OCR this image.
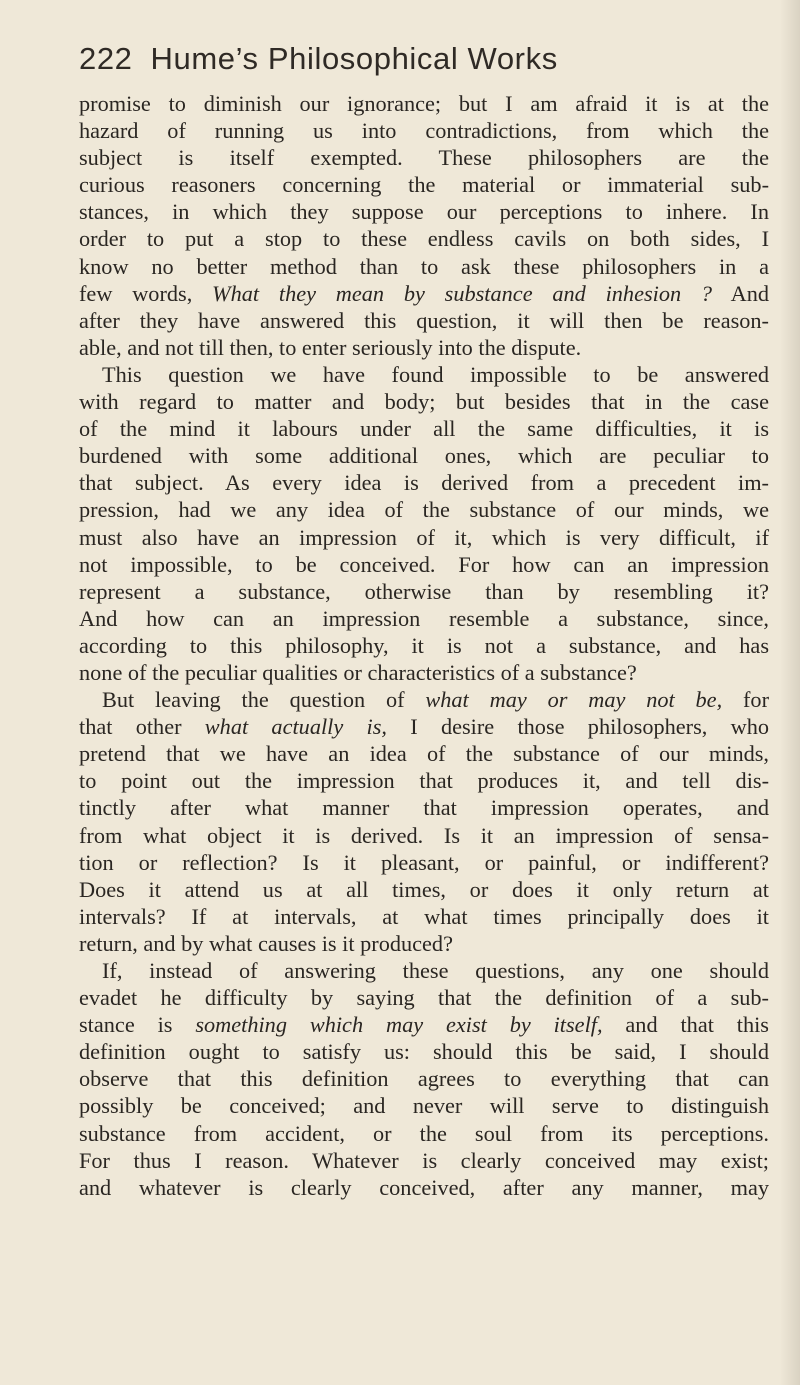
222 Hume’s Philosophical Works
promise to diminish our ignorance; but I am afraid it is at the
hazard of running us into contradictions, from which the
subject is itself exempted. These philosophers are the
curious reasoners concerning the material or immaterial sub-
stances, in which they suppose our perceptions to inhere. In
order to put a stop to these endless cavils on both sides, I
know no better method than to ask these philosophers in a
few words, What they mean by substance and inhesion ? And
after they have answered this question, it will then be reason-
able, and not till then, to enter seriously into the dispute.
This question we have found impossible to be answered
with regard to matter and body; but besides that in the case
of the mind it labours under all the same difficulties, it is
burdened with some additional ones, which are peculiar to
that subject. As every idea is derived from a precedent im-
pression, had we any idea of the substance of our minds, we
must also have an impression of it, which is very difficult, if
not impossible, to be conceived. For how can an impression
represent a substance, otherwise than by resembling it?
And how can an impression resemble a substance, since,
according to this philosophy, it is not a substance, and has
none of the peculiar qualities or characteristics of a substance?
But leaving the question of what may or may not be, for
that other what actually is, I desire those philosophers, who
pretend that we have an idea of the substance of our minds,
to point out the impression that produces it, and tell dis-
tinctly after what manner that impression operates, and
from what object it is derived. Is it an impression of sensa-
tion or reflection? Is it pleasant, or painful, or indifferent?
Does it attend us at all times, or does it only return at
intervals? If at intervals, at what times principally does it
return, and by what causes is it produced?
If, instead of answering these questions, any one should
evadet he difficulty by saying that the definition of a sub-
stance is something which may exist by itself, and that this
definition ought to satisfy us: should this be said, I should
observe that this definition agrees to everything that can
possibly be conceived; and never will serve to distinguish
substance from accident, or the soul from its perceptions.
For thus I reason. Whatever is clearly conceived may exist;
and whatever is clearly conceived, after any manner, may
